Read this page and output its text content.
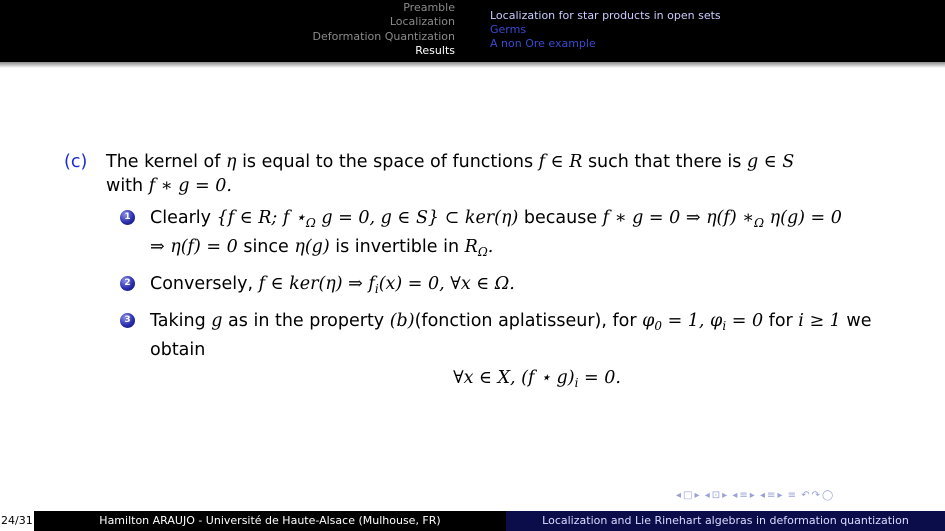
Preamble
Localization
Deformation Quantization
Results
Localization for star products in open sets
Germs
A non Ore example
(c) The kernel of η is equal to the space of functions f ∈ R such that there is g ∈ S
with f ∗ g = 0.
1 Clearly {f ∈ R; f $⋆_\Omega$ g = 0, g ∈ S} ⊂ ker(η) because f ∗ g = 0 ⇒ η(f) $∗_\Omega$ η(g) = 0
⇒ η(f) = 0 since η(g) is invertible in $R_\Omega$.
2 Conversely, f ∈ ker(η) ⇒ $f_i(x) = 0$, ∀x ∈ Ω.
3 Taking g as in the property (b)(fonction aplatisseur), for $\varphi_0 = 1$, $\varphi_i = 0$ for i ≥ 1 we
obtain
∀x ∈ X, (f ⋆ $g)_i = 0$.
◂ □ ▸ ◂ ⊡ ▸ ◂ ≡ ▸ ◂ ≡ ▸ ≡ ↶ ↷ ◯
24/31	Hamilton ARAUJO - Université de Haute-Alsace (Mulhouse, FR)	Localization and Lie Rinehart algebras in deformation quantization
